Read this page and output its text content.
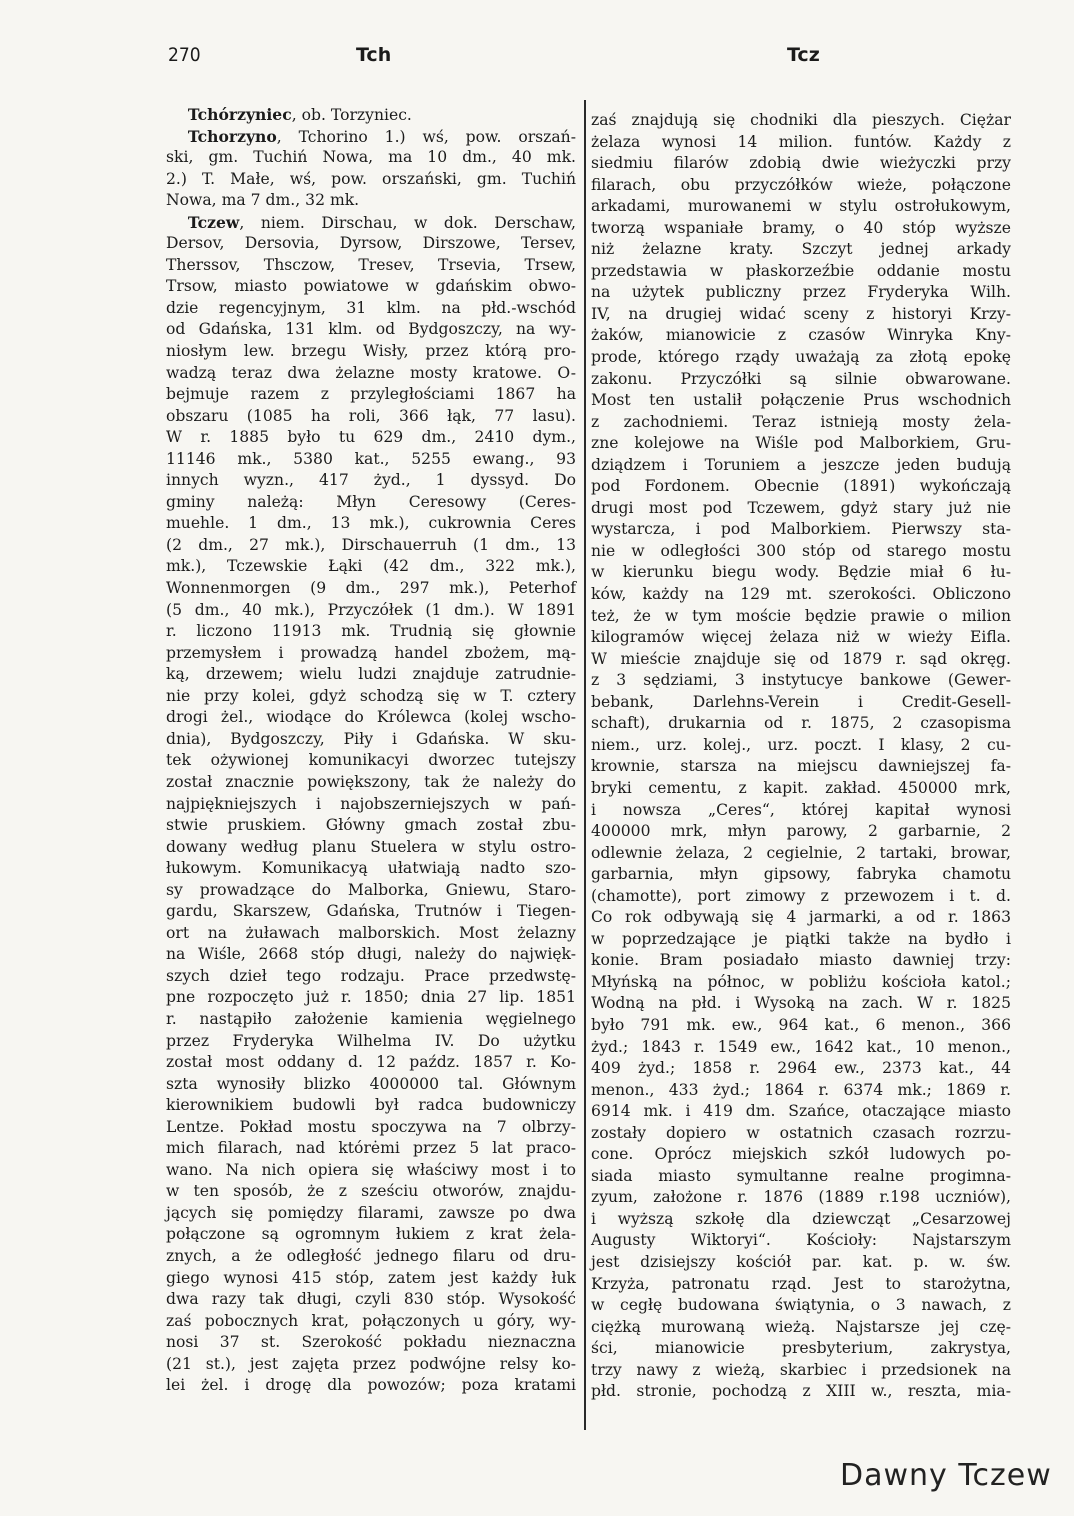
270	Tch	Tcz
Tchórzyniec, ob. Torzyniec.
Tchorzyno, Tchorino 1.) wś, pow. orszań-
ski, gm. Tuchiń Nowa, ma 10 dm., 40 mk.
2.) T. Małe, wś, pow. orszański, gm. Tuchiń
Nowa, ma 7 dm., 32 mk.
Tczew, niem. Dirschau, w dok. Derschaw,
Dersov, Dersovia, Dyrsow, Dirszowe, Tersev,
Therssov, Thsczow, Tresev, Trsevia, Trsew,
Trsow, miasto powiatowe w gdańskim obwo-
dzie regencyjnym, 31 klm. na płd.-wschód
od Gdańska, 131 klm. od Bydgoszczy, na wy-
niosłym lew. brzegu Wisły, przez którą pro-
wadzą teraz dwa żelazne mosty kratowe. O-
bejmuje razem z przyległościami 1867 ha
obszaru (1085 ha roli, 366 łąk, 77 lasu).
W r. 1885 było tu 629 dm., 2410 dym.,
11146 mk., 5380 kat., 5255 ewang., 93
innych wyzn., 417 żyd., 1 dyssyd. Do
gminy należą: Młyn Ceresowy (Ceres-
muehle. 1 dm., 13 mk.), cukrownia Ceres
(2 dm., 27 mk.), Dirschauerruh (1 dm., 13
mk.), Tczewskie Łąki (42 dm., 322 mk.),
Wonnenmorgen (9 dm., 297 mk.), Peterhof
(5 dm., 40 mk.), Przyczółek (1 dm.). W 1891
r. liczono 11913 mk. Trudnią się głownie
przemysłem i prowadzą handel zbożem, mą-
ką, drzewem; wielu ludzi znajduje zatrudnie-
nie przy kolei, gdyż schodzą się w T. cztery
drogi żel., wiodące do Królewca (kolej wscho-
dnia), Bydgoszczy, Piły i Gdańska. W sku-
tek ożywionej komunikacyi dworzec tutejszy
został znacznie powiększony, tak że należy do
najpiękniejszych i najobszerniejszych w pań-
stwie pruskiem. Główny gmach został zbu-
dowany według planu Stuelera w stylu ostro-
łukowym. Komunikacyą ułatwiają nadto szo-
sy prowadzące do Malborka, Gniewu, Staro-
gardu, Skarszew, Gdańska, Trutnów i Tiegen-
ort na żuławach malborskich. Most żelazny
na Wiśle, 2668 stóp długi, należy do najwięk-
szych dzieł tego rodzaju. Prace przedwstę-
pne rozpoczęto już r. 1850; dnia 27 lip. 1851
r. nastąpiło założenie kamienia węgielnego
przez Fryderyka Wilhelma IV. Do użytku
został most oddany d. 12 paźdz. 1857 r. Ko-
szta wynosiły blizko 4000000 tal. Głównym
kierownikiem budowli był radca budowniczy
Lentze. Pokład mostu spoczywa na 7 olbrzy-
mich filarach, nad którėmi przez 5 lat praco-
wano. Na nich opiera się właściwy most i to
w ten sposób, że z sześciu otworów, znajdu-
jących się pomiędzy filarami, zawsze po dwa
połączone są ogromnym łukiem z krat żela-
znych, a że odległość jednego filaru od dru-
giego wynosi 415 stóp, zatem jest każdy łuk
dwa razy tak długi, czyli 830 stóp. Wysokość
zaś pobocznych krat, połączonych u góry, wy-
nosi 37 st. Szerokość pokładu nieznaczna
(21 st.), jest zajęta przez podwójne relsy ko-
lei żel. i drogę dla powozów; poza kratami
zaś znajdują się chodniki dla pieszych. Ciężar
żelaza wynosi 14 milion. funtów. Każdy z
siedmiu filarów zdobią dwie wieżyczki przy
filarach, obu przyczółków wieże, połączone
arkadami, murowanemi w stylu ostrołukowym,
tworzą wspaniałe bramy, o 40 stóp wyższe
niż żelazne kraty. Szczyt jednej arkady
przedstawia w płaskorzeźbie oddanie mostu
na użytek publiczny przez Fryderyka Wilh.
IV, na drugiej widać sceny z historyi Krzy-
żaków, mianowicie z czasów Winryka Kny-
prode, którego rządy uważają za złotą epokę
zakonu. Przyczółki są silnie obwarowane.
Most ten ustalił połączenie Prus wschodnich
z zachodniemi. Teraz istnieją mosty żela-
zne kolejowe na Wiśle pod Malborkiem, Gru-
dziądzem i Toruniem a jeszcze jeden budują
pod Fordonem. Obecnie (1891) wykończają
drugi most pod Tczewem, gdyż stary już nie
wystarcza, i pod Malborkiem. Pierwszy sta-
nie w odległości 300 stóp od starego mostu
w kierunku biegu wody. Będzie miał 6 łu-
ków, każdy na 129 mt. szerokości. Obliczono
też, że w tym moście będzie prawie o milion
kilogramów więcej żelaza niż w wieży Eifla.
W mieście znajduje się od 1879 r. sąd okręg.
z 3 sędziami, 3 instytucye bankowe (Gewer-
bebank, Darlehns-Verein i Credit-Gesell-
schaft), drukarnia od r. 1875, 2 czasopisma
niem., urz. kolej., urz. poczt. I klasy, 2 cu-
krownie, starsza na miejscu dawniejszej fa-
bryki cementu, z kapit. zakład. 450000 mrk,
i nowsza „Ceres“, której kapitał wynosi
400000 mrk, młyn parowy, 2 garbarnie, 2
odlewnie żelaza, 2 cegielnie, 2 tartaki, browar,
garbarnia, młyn gipsowy, fabryka chamotu
(chamotte), port zimowy z przewozem i t. d.
Co rok odbywają się 4 jarmarki, a od r. 1863
w poprzedzające je piątki także na bydło i
konie. Bram posiadało miasto dawniej trzy:
Młyńską na północ, w pobliżu kościoła katol.;
Wodną na płd. i Wysoką na zach. W r. 1825
było 791 mk. ew., 964 kat., 6 menon., 366
żyd.; 1843 r. 1549 ew., 1642 kat., 10 menon.,
409 żyd.; 1858 r. 2964 ew., 2373 kat., 44
menon., 433 żyd.; 1864 r. 6374 mk.; 1869 r.
6914 mk. i 419 dm. Szańce, otaczające miasto
zostały dopiero w ostatnich czasach rozrzu-
cone. Oprócz miejskich szkół ludowych po-
siada miasto symultanne realne progimna-
zyum, założone r. 1876 (1889 r.198 uczniów),
i wyższą szkołę dla dziewcząt „Cesarzowej
Augusty Wiktoryi“. Kościoły: Najstarszym
jest dzisiejszy kościół par. kat. p. w. św.
Krzyża, patronatu rząd. Jest to starożytna,
w cegłę budowana świątynia, o 3 nawach, z
ciężką murowaną wieżą. Najstarsze jej czę-
ści, mianowicie presbyterium, zakrystya,
trzy nawy z wieżą, skarbiec i przedsionek na
płd. stronie, pochodzą z XIII w., reszta, mia-
Dawny Tczew
